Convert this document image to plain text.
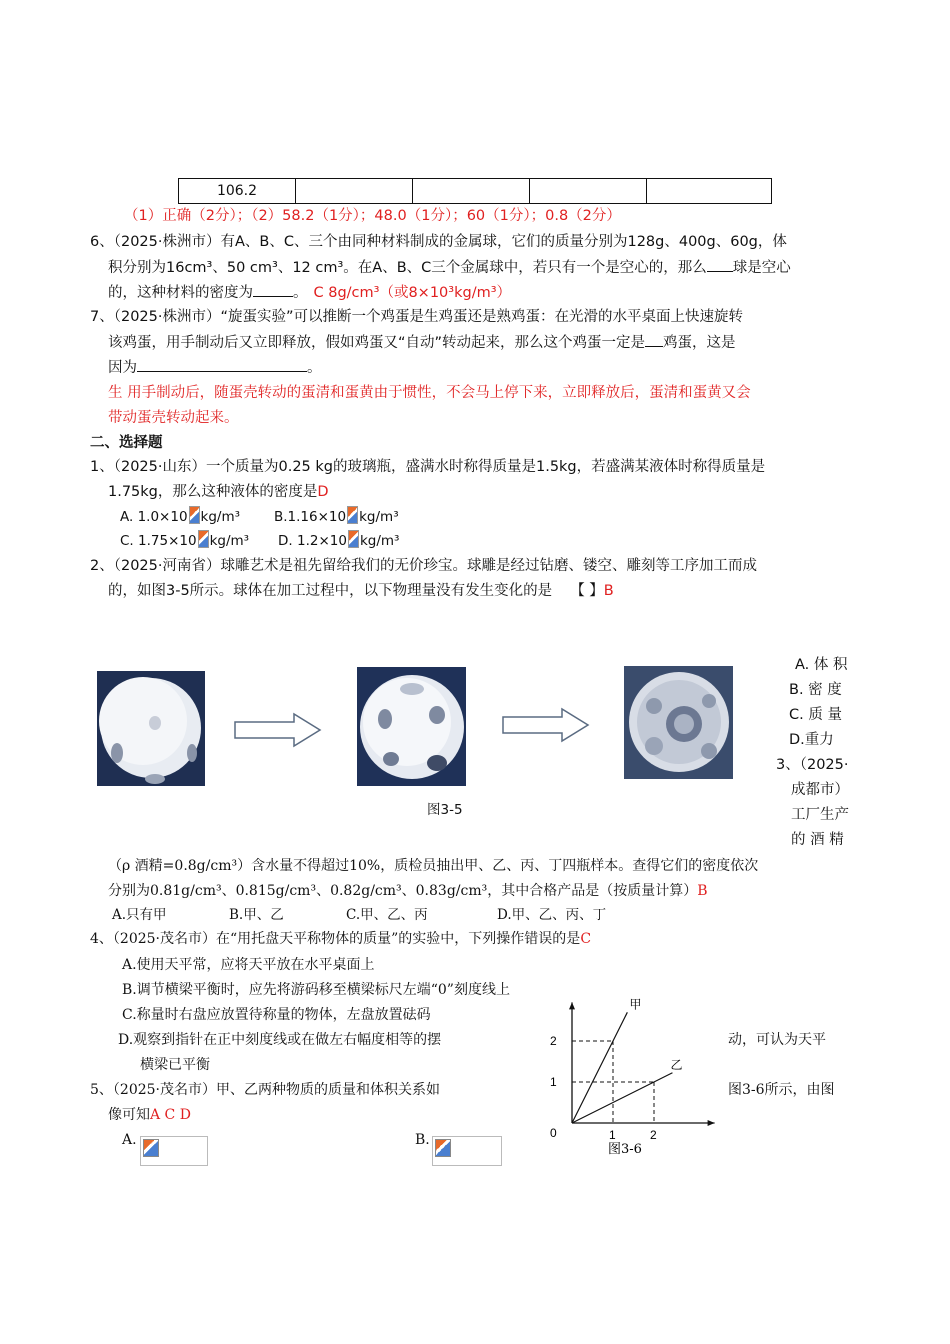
106.2				
（1）正确（2分）；（2）58.2（1分）；48.0（1分）；60（1分）；0.8（2分）
6、（2025·株洲市）有A、B、C、三个由同种材料制成的金属球，它们的质量分别为128g、400g、60g，体
积分别为16cm³、50 cm³、12 cm³。在A、B、C三个金属球中，若只有一个是空心的，那么 球是空心
的，这种材料的密度为	。 C 8g/cm³（或8×10³kg/m³）
7、（2025·株洲市）“旋蛋实验”可以推断一个鸡蛋是生鸡蛋还是熟鸡蛋：在光滑的水平桌面上快速旋转
该鸡蛋，用手制动后又立即释放，假如鸡蛋又“自动”转动起来，那么这个鸡蛋一定是 鸡蛋，这是
因为	。
生 用手制动后，随蛋壳转动的蛋清和蛋黄由于惯性，不会马上停下来，立即释放后，蛋清和蛋黄又会
带动蛋壳转动起来。
二、选择题
1、（2025·山东）一个质量为0.25 kg的玻璃瓶，盛满水时称得质量是1.5kg，若盛满某液体时称得质量是
1.75kg，那么这种液体的密度是D
A. 1.0×10 kg/m³	B.1.16×10 kg/m³
C. 1.75×10 kg/m³ D. 1.2×10 kg/m³
2、（2025·河南省）球雕艺术是祖先留给我们的无价珍宝。球雕是经过钻磨、镂空、雕刻等工序加工而成
的，如图3-5所示。球体在加工过程中，以下物理量没有发生变化的是 【 】B
图3-5
A. 体 积
B. 密 度
C. 质 量
D.重力
3、（2025·
成都市）
工厂生产
的 酒 精
（ρ 酒精=0.8g/cm³）含水量不得超过10%，质检员抽出甲、乙、丙、丁四瓶样本。查得它们的密度依次
分别为0.81g/cm³、0.815g/cm³、0.82g/cm³、0.83g/cm³，其中合格产品是（按质量计算）B
A.只有甲	B.甲、乙	C.甲、乙、丙	D.甲、乙、丙、丁
4、（2025·茂名市）在“用托盘天平称物体的质量”的实验中，下列操作错误的是C
A.使用天平常，应将天平放在水平桌面上
B.调节横梁平衡时，应先将游码移至横梁标尺左端“0”刻度线上
C.称量时右盘应放置待称量的物体，左盘放置砝码
D.观察到指针在正中刻度线或在做左右幅度相等的摆	动，可认为天平
横梁已平衡
5、（2025·茂名市）甲、乙两种物质的质量和体积关系如	图3-6所示，由图
像可知A C D
A.	B.	0	1	2
1
2
甲
乙
图3-6
